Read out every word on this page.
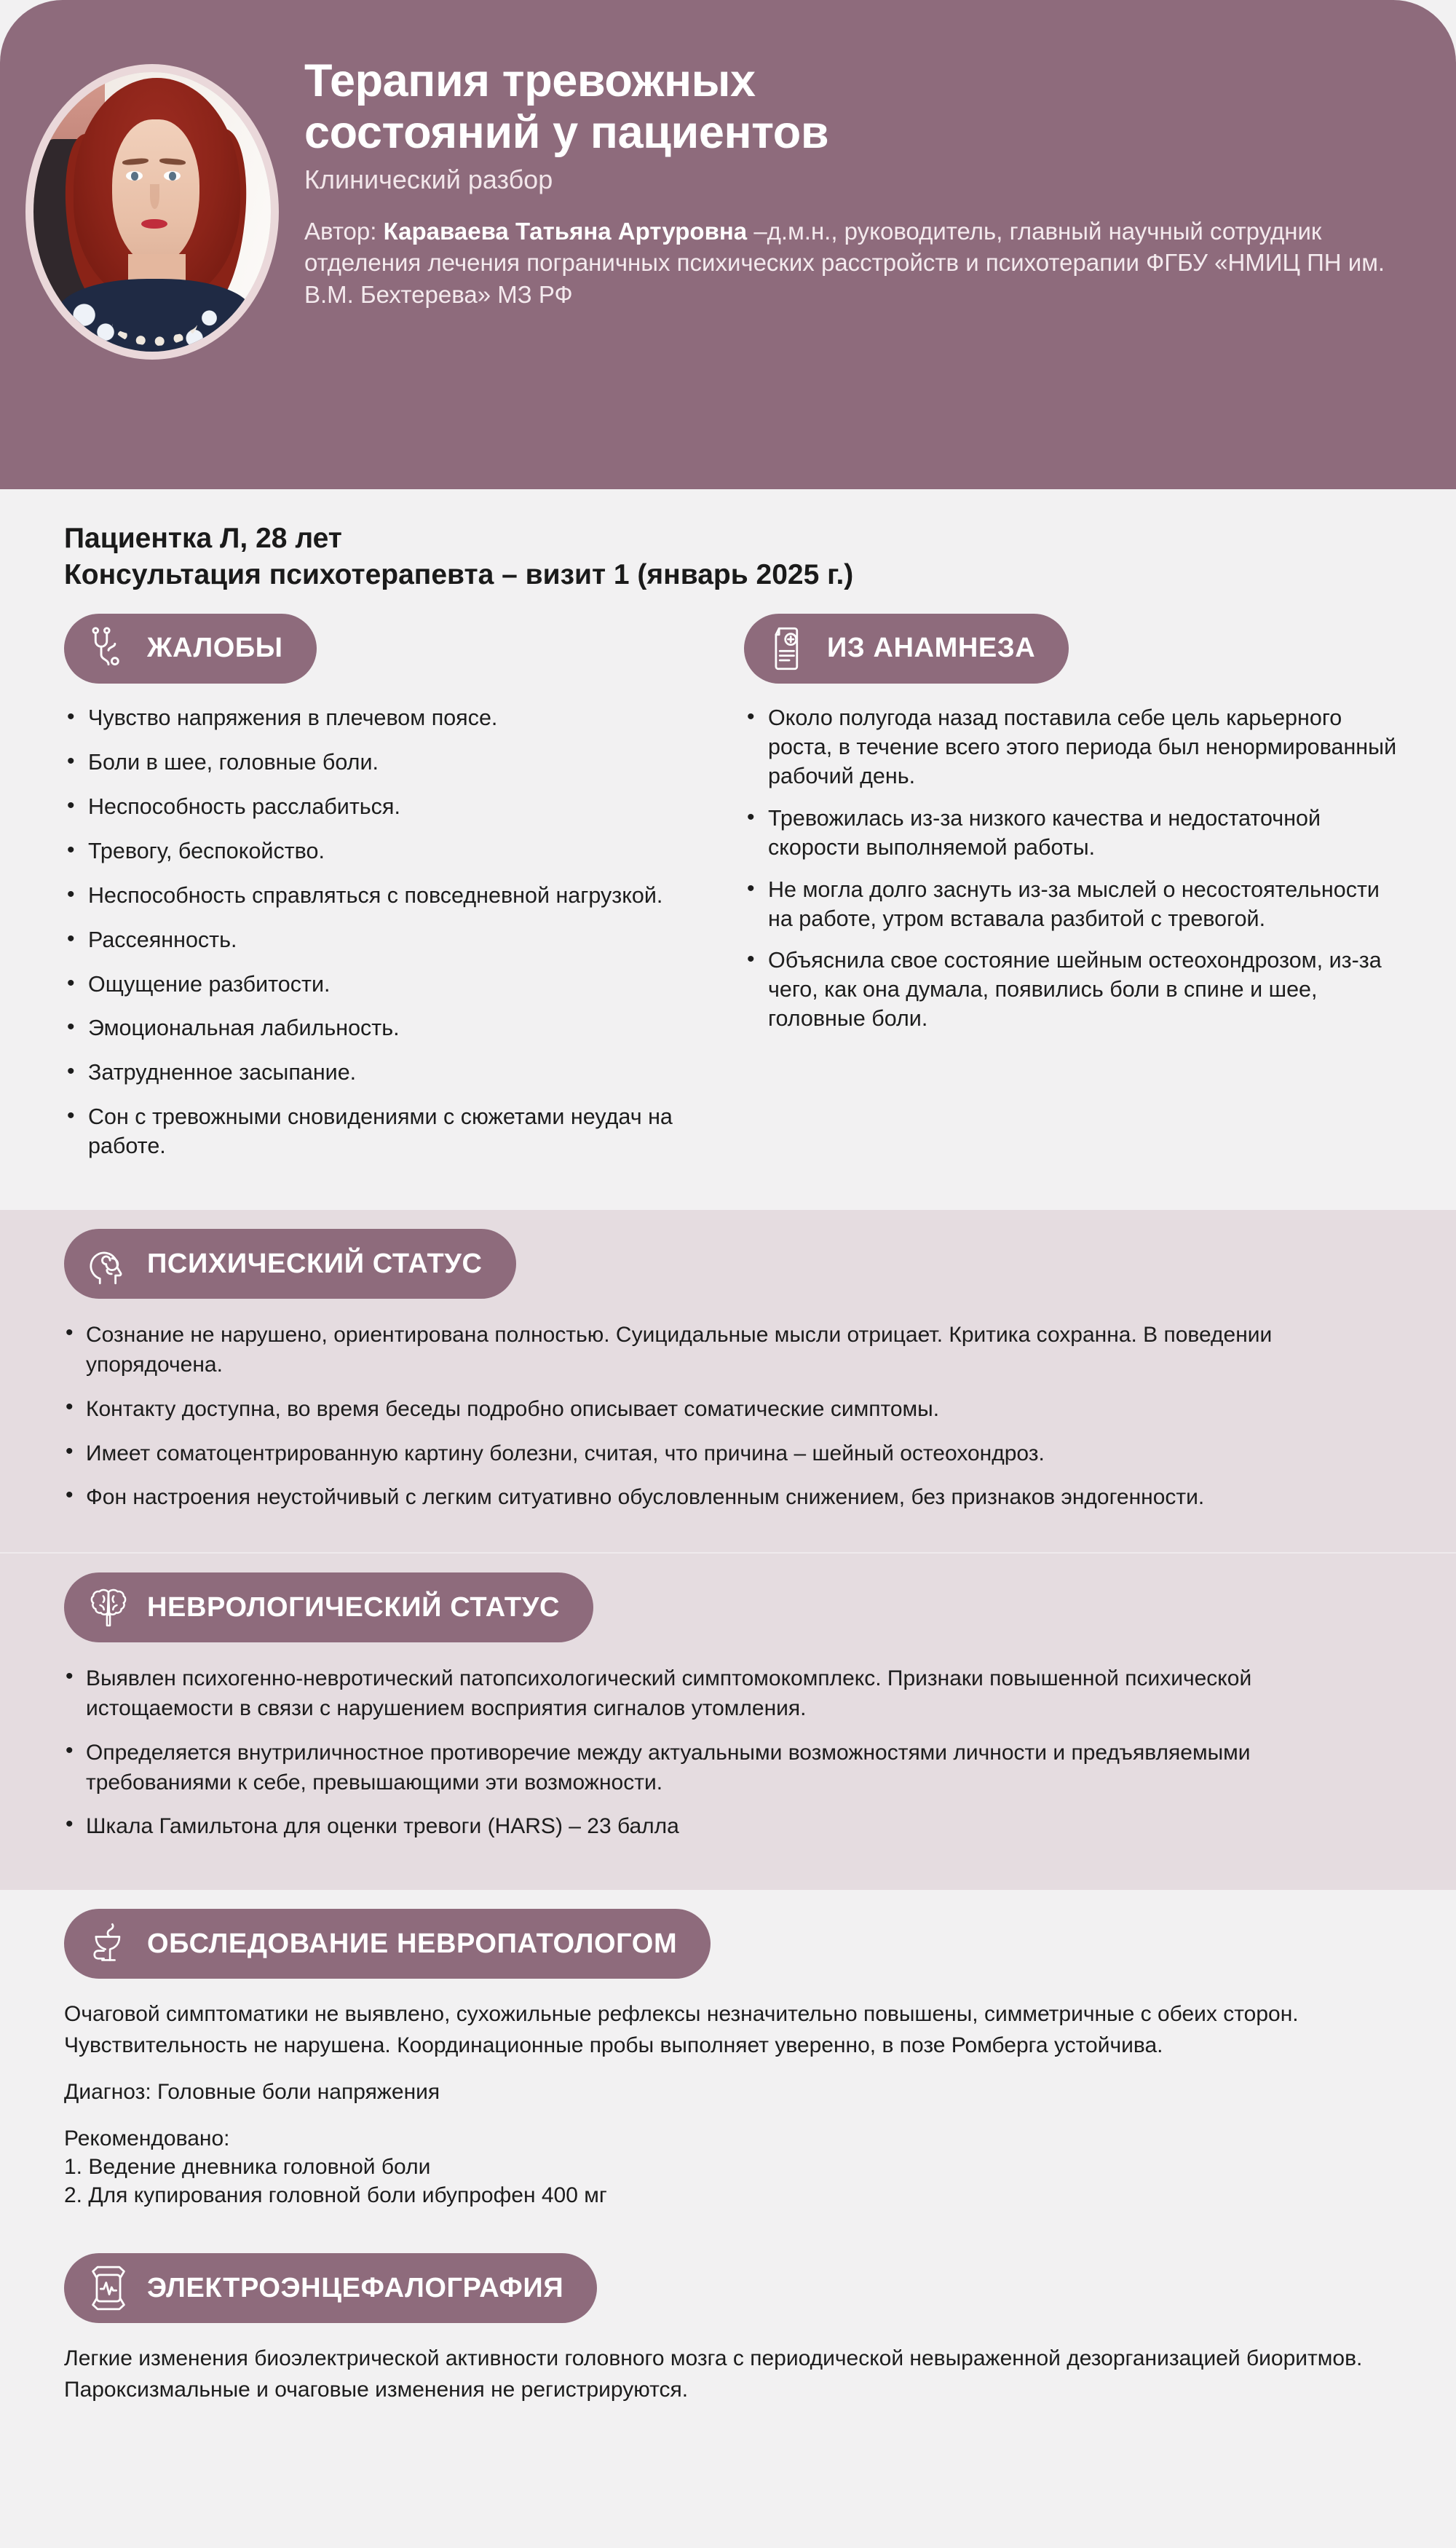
Терапия тревожных
состояний у пациентов
Клинический разбор
Автор: Караваева Татьяна Артуровна –д.м.н., руководитель, главный научный сотрудник отделения лечения пограничных психических расстройств и психотерапии ФГБУ «НМИЦ ПН им. В.М. Бехтерева» МЗ РФ
Пациентка Л, 28 лет
Консультация психотерапевта – визит 1 (январь 2025 г.)
ЖАЛОБЫ
• Чувство напряжения в плечевом поясе.
• Боли в шее, головные боли.
• Неспособность расслабиться.
• Тревогу, беспокойство.
• Неспособность справляться с повседневной нагрузкой.
• Рассеянность.
• Ощущение разбитости.
• Эмоциональная лабильность.
• Затрудненное засыпание.
• Сон с тревожными сновидениями с сюжетами неудач на работе.
ИЗ АНАМНЕЗА
• Около полугода назад поставила себе цель карьерного роста, в течение всего этого периода был ненормированный рабочий день.
• Тревожилась из-за низкого качества и недостаточной скорости выполняемой работы.
• Не могла долго заснуть из-за мыслей о несостоятельности на работе, утром вставала разбитой с тревогой.
• Объяснила свое состояние шейным остеохондрозом, из-за чего, как она думала, появились боли в спине и шее, головные боли.
ПСИХИЧЕСКИЙ СТАТУС
• Сознание не нарушено, ориентирована полностью. Суицидальные мысли отрицает. Критика сохранна. В поведении упорядочена.
• Контакту доступна, во время беседы подробно описывает соматические симптомы.
• Имеет соматоцентрированную картину болезни, считая, что причина – шейный остеохондроз.
• Фон настроения неустойчивый с легким ситуативно обусловленным снижением, без признаков эндогенности.
НЕВРОЛОГИЧЕСКИЙ СТАТУС
• Выявлен психогенно-невротический патопсихологический симптомокомплекс. Признаки повышенной психической истощаемости в связи с нарушением восприятия сигналов утомления.
• Определяется внутриличностное противоречие между актуальными возможностями личности и предъявляемыми требованиями к себе, превышающими эти возможности.
• Шкала Гамильтона для оценки тревоги (HARS) – 23 балла
ОБСЛЕДОВАНИЕ НЕВРОПАТОЛОГОМ
Очаговой симптоматики не выявлено, сухожильные рефлексы незначительно повышены, симметричные с обеих сторон. Чувствительность не нарушена. Координационные пробы выполняет уверенно, в позе Ромберга устойчива.
Диагноз: Головные боли напряжения
Рекомендовано:
1. Ведение дневника головной боли
2. Для купирования головной боли ибупрофен 400 мг
ЭЛЕКТРОЭНЦЕФАЛОГРАФИЯ
Легкие изменения биоэлектрической активности головного мозга с периодической невыраженной дезорганизацией биоритмов. Пароксизмальные и очаговые изменения не регистрируются.
